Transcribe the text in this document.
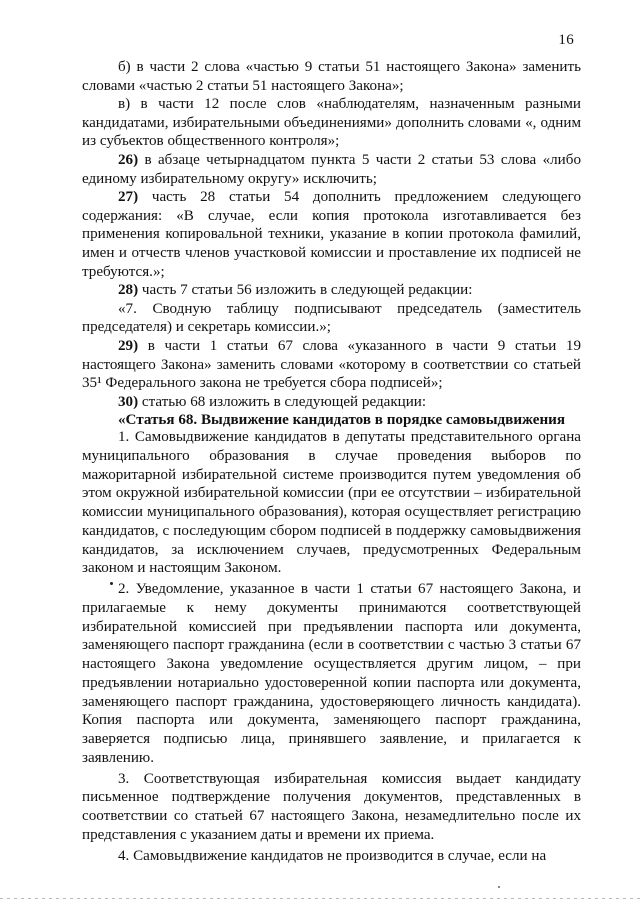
16

б) в части 2 слова «частью 9 статьи 51 настоящего Закона» заменить словами «частью 2 статьи 51 настоящего Закона»;

в) в части 12 после слов «наблюдателям, назначенным разными кандидатами, избирательными объединениями» дополнить словами «, одним из субъектов общественного контроля»;

26) в абзаце четырнадцатом пункта 5 части 2 статьи 53 слова «либо единому избирательному округу» исключить;

27) часть 28 статьи 54 дополнить предложением следующего содержания: «В случае, если копия протокола изготавливается без применения копировальной техники, указание в копии протокола фамилий, имен и отчеств членов участковой комиссии и проставление их подписей не требуются.»;

28) часть 7 статьи 56 изложить в следующей редакции:

«7. Сводную таблицу подписывают председатель (заместитель председателя) и секретарь комиссии.»;

29) в части 1 статьи 67 слова «указанного в части 9 статьи 19 настоящего Закона» заменить словами «которому в соответствии со статьей 35¹ Федерального закона не требуется сбора подписей»;

30) статью 68 изложить в следующей редакции:

«Статья 68. Выдвижение кандидатов в порядке самовыдвижения

1. Самовыдвижение кандидатов в депутаты представительного органа муниципального образования в случае проведения выборов по мажоритарной избирательной системе производится путем уведомления об этом окружной избирательной комиссии (при ее отсутствии – избирательной комиссии муниципального образования), которая осуществляет регистрацию кандидатов, с последующим сбором подписей в поддержку самовыдвижения кандидатов, за исключением случаев, предусмотренных Федеральным законом и настоящим Законом.

2. Уведомление, указанное в части 1 статьи 67 настоящего Закона, и прилагаемые к нему документы принимаются соответствующей избирательной комиссией при предъявлении паспорта или документа, заменяющего паспорт гражданина (если в соответствии с частью 3 статьи 67 настоящего Закона уведомление осуществляется другим лицом, – при предъявлении нотариально удостоверенной копии паспорта или документа, заменяющего паспорт гражданина, удостоверяющего личность кандидата). Копия паспорта или документа, заменяющего паспорт гражданина, заверяется подписью лица, принявшего заявление, и прилагается к заявлению.

3. Соответствующая избирательная комиссия выдает кандидату письменное подтверждение получения документов, представленных в соответствии со статьей 67 настоящего Закона, незамедлительно после их представления с указанием даты и времени их приема.

4. Самовыдвижение кандидатов не производится в случае, если на
